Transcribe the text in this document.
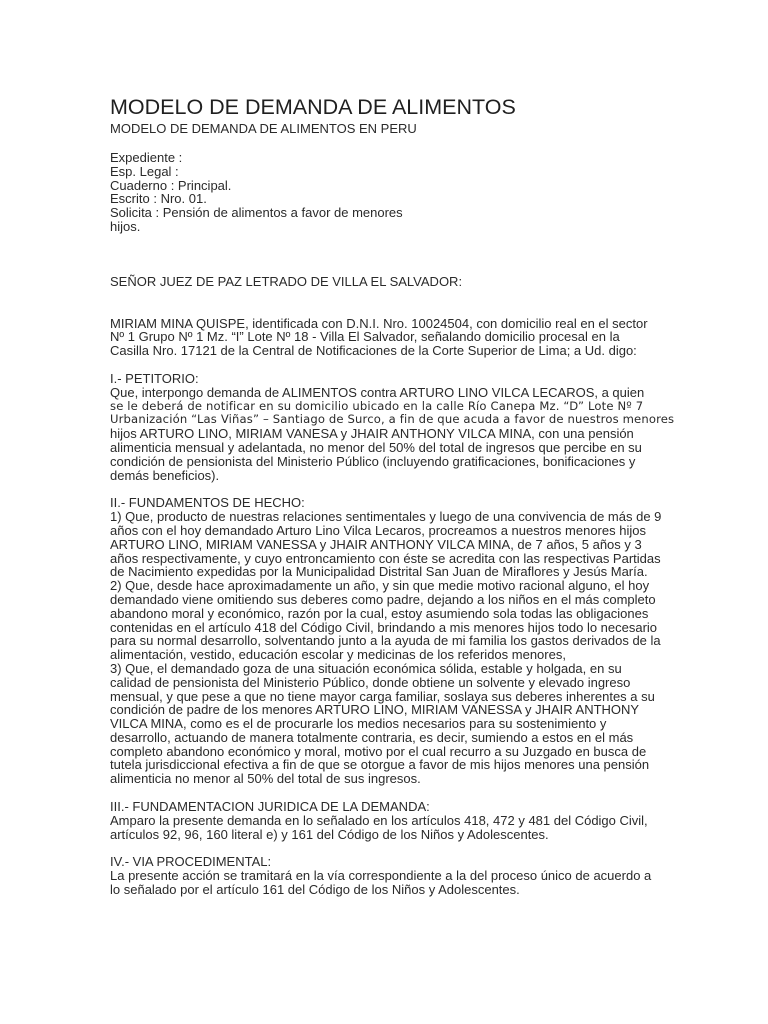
MODELO DE DEMANDA DE ALIMENTOS
MODELO DE DEMANDA DE ALIMENTOS EN PERU
Expediente :
Esp. Legal :
Cuaderno : Principal.
Escrito : Nro. 01.
Solicita : Pensión de alimentos a favor de menores
hijos.
SEÑOR JUEZ DE PAZ LETRADO DE VILLA EL SALVADOR:
MIRIAM MINA QUISPE, identificada con D.N.I. Nro. 10024504, con domicilio real en el sector
Nº 1 Grupo Nº 1 Mz. “I” Lote Nº 18 - Villa El Salvador, señalando domicilio procesal en la
Casilla Nro. 17121 de la Central de Notificaciones de la Corte Superior de Lima; a Ud. digo:
I.- PETITORIO:
Que, interpongo demanda de ALIMENTOS contra ARTURO LINO VILCA LECAROS, a quien
se le deberá de notificar en su domicilio ubicado en la calle Río Canepa Mz. “D” Lote Nº 7
Urbanización “Las Viñas” – Santiago de Surco, a fin de que acuda a favor de nuestros menores
hijos ARTURO LINO, MIRIAM VANESA y JHAIR ANTHONY VILCA MINA, con una pensión
alimenticia mensual y adelantada, no menor del 50% del total de ingresos que percibe en su
condición de pensionista del Ministerio Público (incluyendo gratificaciones, bonificaciones y
demás beneficios).
II.- FUNDAMENTOS DE HECHO:
1) Que, producto de nuestras relaciones sentimentales y luego de una convivencia de más de 9
años con el hoy demandado Arturo Lino Vilca Lecaros, procreamos a nuestros menores hijos
ARTURO LINO, MIRIAM VANESSA y JHAIR ANTHONY VILCA MINA, de 7 años, 5 años y 3
años respectivamente, y cuyo entroncamiento con éste se acredita con las respectivas Partidas
de Nacimiento expedidas por la Municipalidad Distrital San Juan de Miraflores y Jesús María.
2) Que, desde hace aproximadamente un año, y sin que medie motivo racional alguno, el hoy
demandado viene omitiendo sus deberes como padre, dejando a los niños en el más completo
abandono moral y económico, razón por la cual, estoy asumiendo sola todas las obligaciones
contenidas en el artículo 418 del Código Civil, brindando a mis menores hijos todo lo necesario
para su normal desarrollo, solventando junto a la ayuda de mi familia los gastos derivados de la
alimentación, vestido, educación escolar y medicinas de los referidos menores,
3) Que, el demandado goza de una situación económica sólida, estable y holgada, en su
calidad de pensionista del Ministerio Público, donde obtiene un solvente y elevado ingreso
mensual, y que pese a que no tiene mayor carga familiar, soslaya sus deberes inherentes a su
condición de padre de los menores ARTURO LINO, MIRIAM VANESSA y JHAIR ANTHONY
VILCA MINA, como es el de procurarle los medios necesarios para su sostenimiento y
desarrollo, actuando de manera totalmente contraria, es decir, sumiendo a estos en el más
completo abandono económico y moral, motivo por el cual recurro a su Juzgado en busca de
tutela jurisdiccional efectiva a fin de que se otorgue a favor de mis hijos menores una pensión
alimenticia no menor al 50% del total de sus ingresos.
III.- FUNDAMENTACION JURIDICA DE LA DEMANDA:
Amparo la presente demanda en lo señalado en los artículos 418, 472 y 481 del Código Civil,
artículos 92, 96, 160 literal e) y 161 del Código de los Niños y Adolescentes.
IV.- VIA PROCEDIMENTAL:
La presente acción se tramitará en la vía correspondiente a la del proceso único de acuerdo a
lo señalado por el artículo 161 del Código de los Niños y Adolescentes.
